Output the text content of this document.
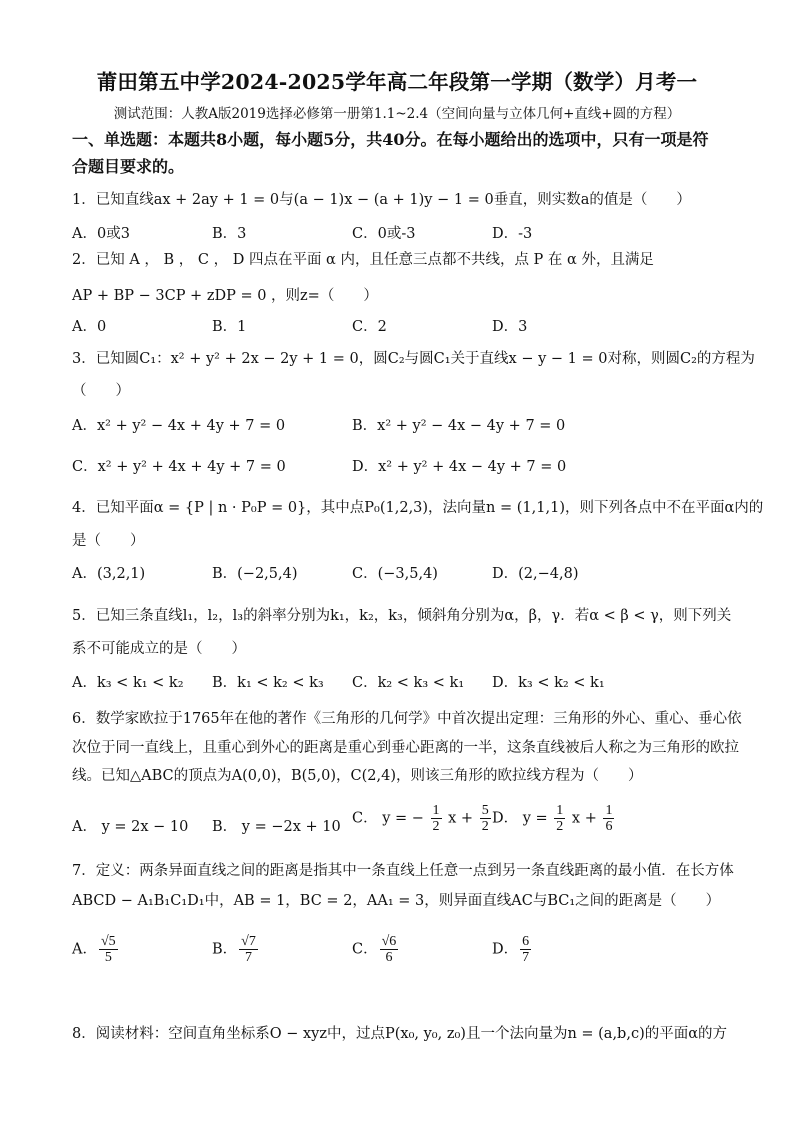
莆田第五中学2024-2025学年高二年段第一学期（数学）月考一
测试范围：人教A版2019选择必修第一册第1.1~2.4（空间向量与立体几何+直线+圆的方程）
一、单选题：本题共8小题，每小题5分，共40分。在每小题给出的选项中，只有一项是符合题目要求的。
1．已知直线ax + 2ay + 1 = 0与(a − 1)x − (a + 1)y − 1 = 0垂直，则实数a的值是（　　）
A．0或3	B．3	C．0或-3	D．-3
2．已知 A ， B ， C ， D 四点在平面 α 内，且任意三点都不共线，点 P 在 α 外，且满足
AP + BP − 3CP + zDP = 0 ，则z=（　　）
A．0	B．1	C．2	D．3
3．已知圆C₁：x² + y² + 2x − 2y + 1 = 0，圆C₂与圆C₁关于直线x − y − 1 = 0对称，则圆C₂的方程为
（　　）
A．x² + y² − 4x + 4y + 7 = 0	B．x² + y² − 4x − 4y + 7 = 0
C．x² + y² + 4x + 4y + 7 = 0	D．x² + y² + 4x − 4y + 7 = 0
4．已知平面α = {P | n · P₀P = 0}，其中点P₀(1,2,3)，法向量n = (1,1,1)，则下列各点中不在平面α内的
是（　　）
A．(3,2,1)	B．(−2,5,4)	C．(−3,5,4)	D．(2,−4,8)
5．已知三条直线l₁，l₂，l₃的斜率分别为k₁，k₂，k₃，倾斜角分别为α，β，γ．若α < β < γ，则下列关
系不可能成立的是（　　）
A．k₃ < k₁ < k₂ B．k₁ < k₂ < k₃ C．k₂ < k₃ < k₁ D．k₃ < k₂ < k₁
6．数学家欧拉于1765年在他的著作《三角形的几何学》中首次提出定理：三角形的外心、重心、垂心依
次位于同一直线上，且重心到外心的距离是重心到垂心距离的一半，这条直线被后人称之为三角形的欧拉
线。已知△ABC的顶点为A(0,0)，B(5,0)，C(2,4)，则该三角形的欧拉线方程为（　　）
A． y = 2x − 10 B． y = −2x + 10
C． y = − $\frac{1}{2}$ $x + \frac{5}{2}$ D． $y = \frac{1}{2}$ $x + \frac{1}{6}$
7．定义：两条异面直线之间的距离是指其中一条直线上任意一点到另一条直线距离的最小值．在长方体
ABCD − A₁B₁C₁D₁中，AB = 1，BC = 2，AA₁ = 3，则异面直线AC与BC₁之间的距离是（　　）
A． $\frac{√5}{5}$	B． $\frac{√7}{7}$	C． $\frac{√6}{6}$	D． $\frac{6}{7}$
8．阅读材料：空间直角坐标系O − xyz中，过点P(x₀, y₀, z₀)且一个法向量为n = (a,b,c)的平面α的方
